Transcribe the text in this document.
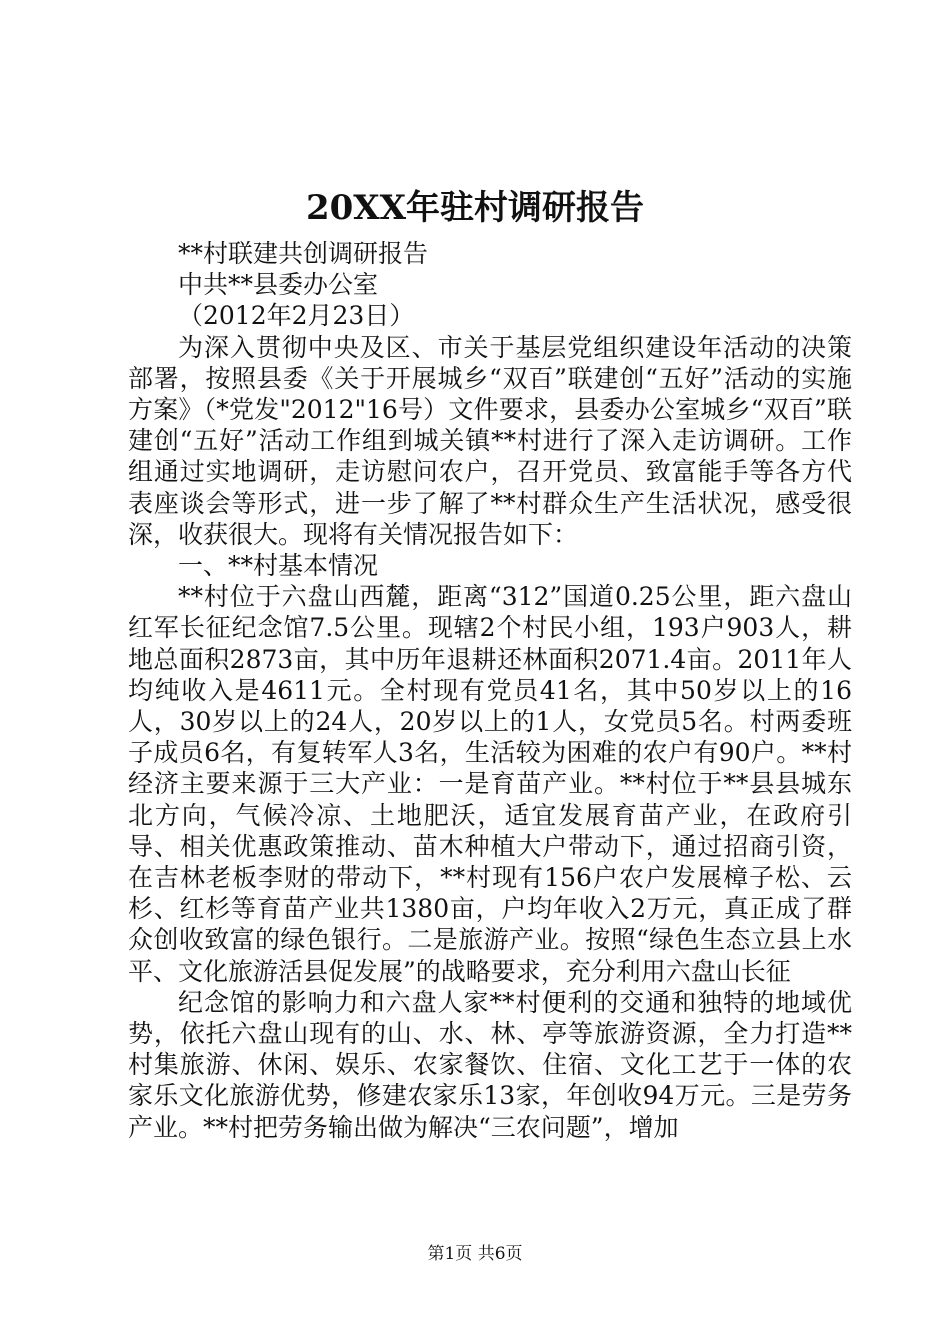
20XX年驻村调研报告

**村联建共创调研报告

中共**县委办公室

（2012年2月23日）

为深入贯彻中央及区、市关于基层党组织建设年活动的决策部署，按照县委《关于开展城乡“双百”联建创“五好”活动的实施方案》（*党发"2012"16号）文件要求，县委办公室城乡“双百”联建创“五好”活动工作组到城关镇**村进行了深入走访调研。工作组通过实地调研，走访慰问农户，召开党员、致富能手等各方代表座谈会等形式，进一步了解了**村群众生产生活状况，感受很深，收获很大。现将有关情况报告如下：

一、**村基本情况

**村位于六盘山西麓，距离“312”国道0.25公里，距六盘山红军长征纪念馆7.5公里。现辖2个村民小组，193户903人，耕地总面积2873亩，其中历年退耕还林面积2071.4亩。2011年人均纯收入是4611元。全村现有党员41名，其中50岁以上的16人，30岁以上的24人，20岁以上的1人，女党员5名。村两委班子成员6名，有复转军人3名，生活较为困难的农户有90户。**村经济主要来源于三大产业：一是育苗产业。**村位于**县县城东北方向，气候冷凉、土地肥沃，适宜发展育苗产业，在政府引导、相关优惠政策推动、苗木种植大户带动下，通过招商引资，在吉林老板李财的带动下，**村现有156户农户发展樟子松、云杉、红杉等育苗产业共1380亩，户均年收入2万元，真正成了群众创收致富的绿色银行。二是旅游产业。按照“绿色生态立县上水平、文化旅游活县促发展”的战略要求，充分利用六盘山长征

纪念馆的影响力和六盘人家**村便利的交通和独特的地域优势，依托六盘山现有的山、水、林、亭等旅游资源，全力打造**村集旅游、休闲、娱乐、农家餐饮、住宿、文化工艺于一体的农家乐文化旅游优势，修建农家乐13家，年创收94万元。三是劳务产业。**村把劳务输出做为解决“三农问题”，增加

第1页 共6页
